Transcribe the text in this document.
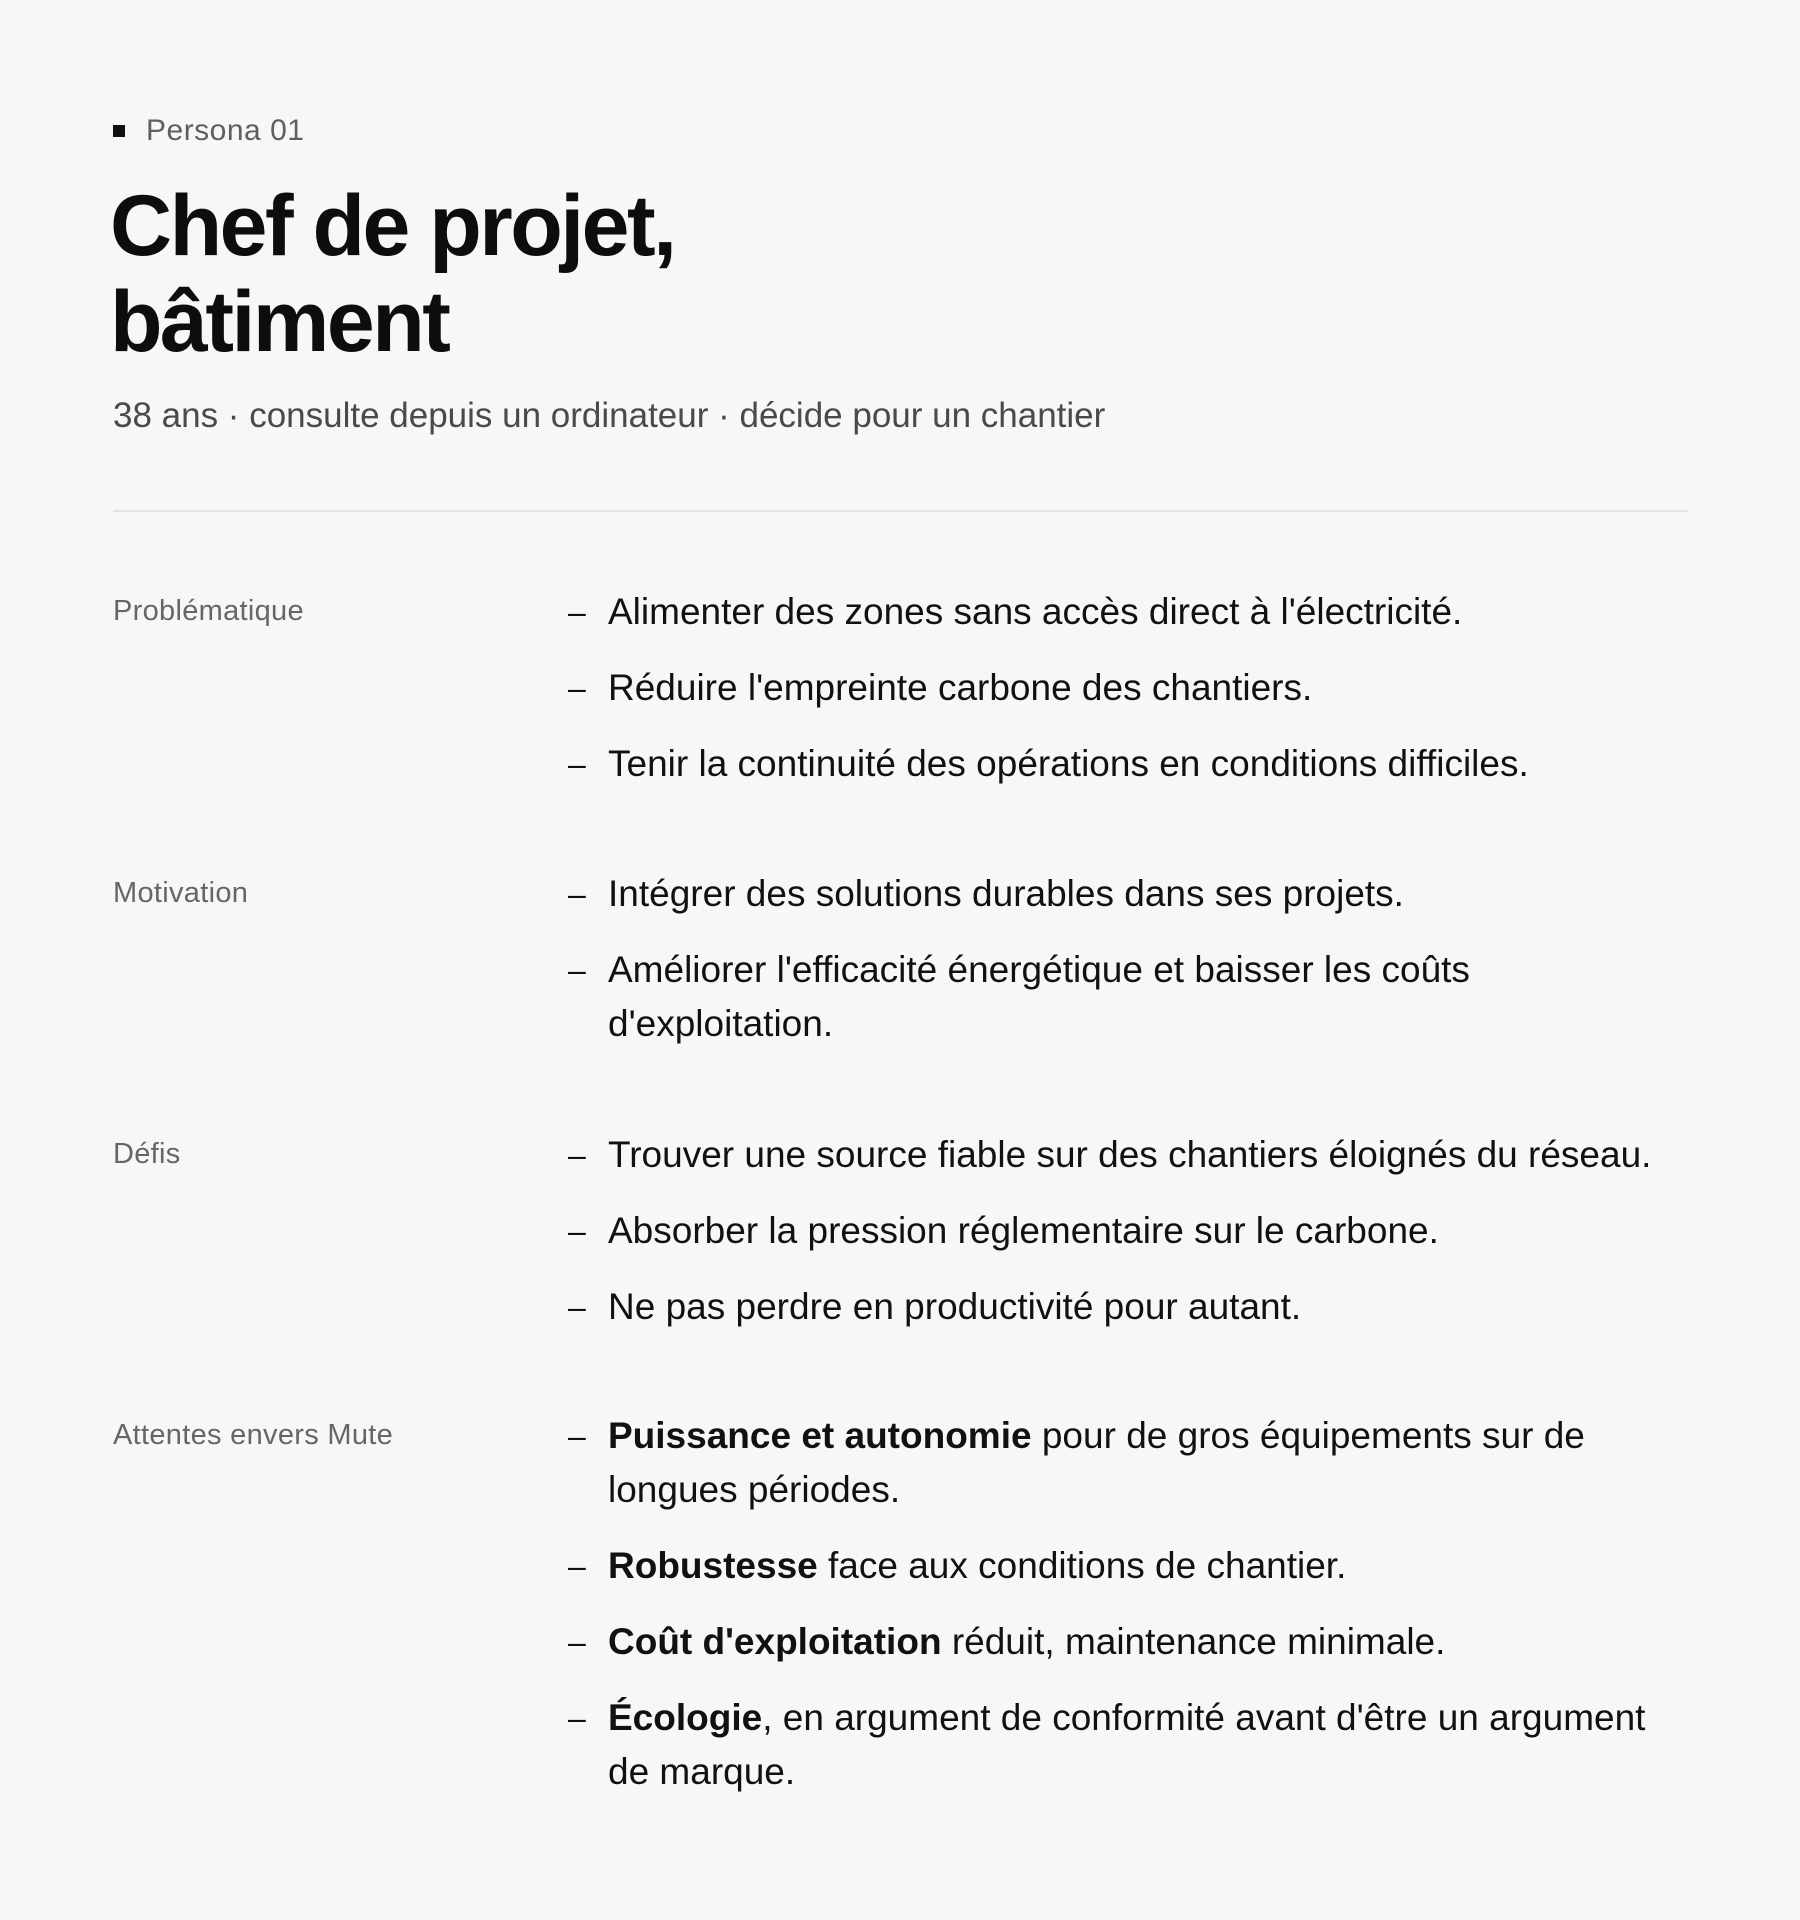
Persona 01
Chef de projet,
bâtiment
38 ans · consulte depuis un ordinateur · décide pour un chantier
Problématique	– Alimenter des zones sans accès direct à l'électricité.
– Réduire l'empreinte carbone des chantiers.
– Tenir la continuité des opérations en conditions difficiles.
Motivation	– Intégrer des solutions durables dans ses projets.
– Améliorer l'efficacité énergétique et baisser les coûts d'exploitation.
Défis	– Trouver une source fiable sur des chantiers éloignés du réseau.
– Absorber la pression réglementaire sur le carbone.
– Ne pas perdre en productivité pour autant.
Attentes envers Mute	– Puissance et autonomie pour de gros équipements sur de longues périodes.
– Robustesse face aux conditions de chantier.
– Coût d'exploitation réduit, maintenance minimale.
– Écologie, en argument de conformité avant d'être un argument de marque.
